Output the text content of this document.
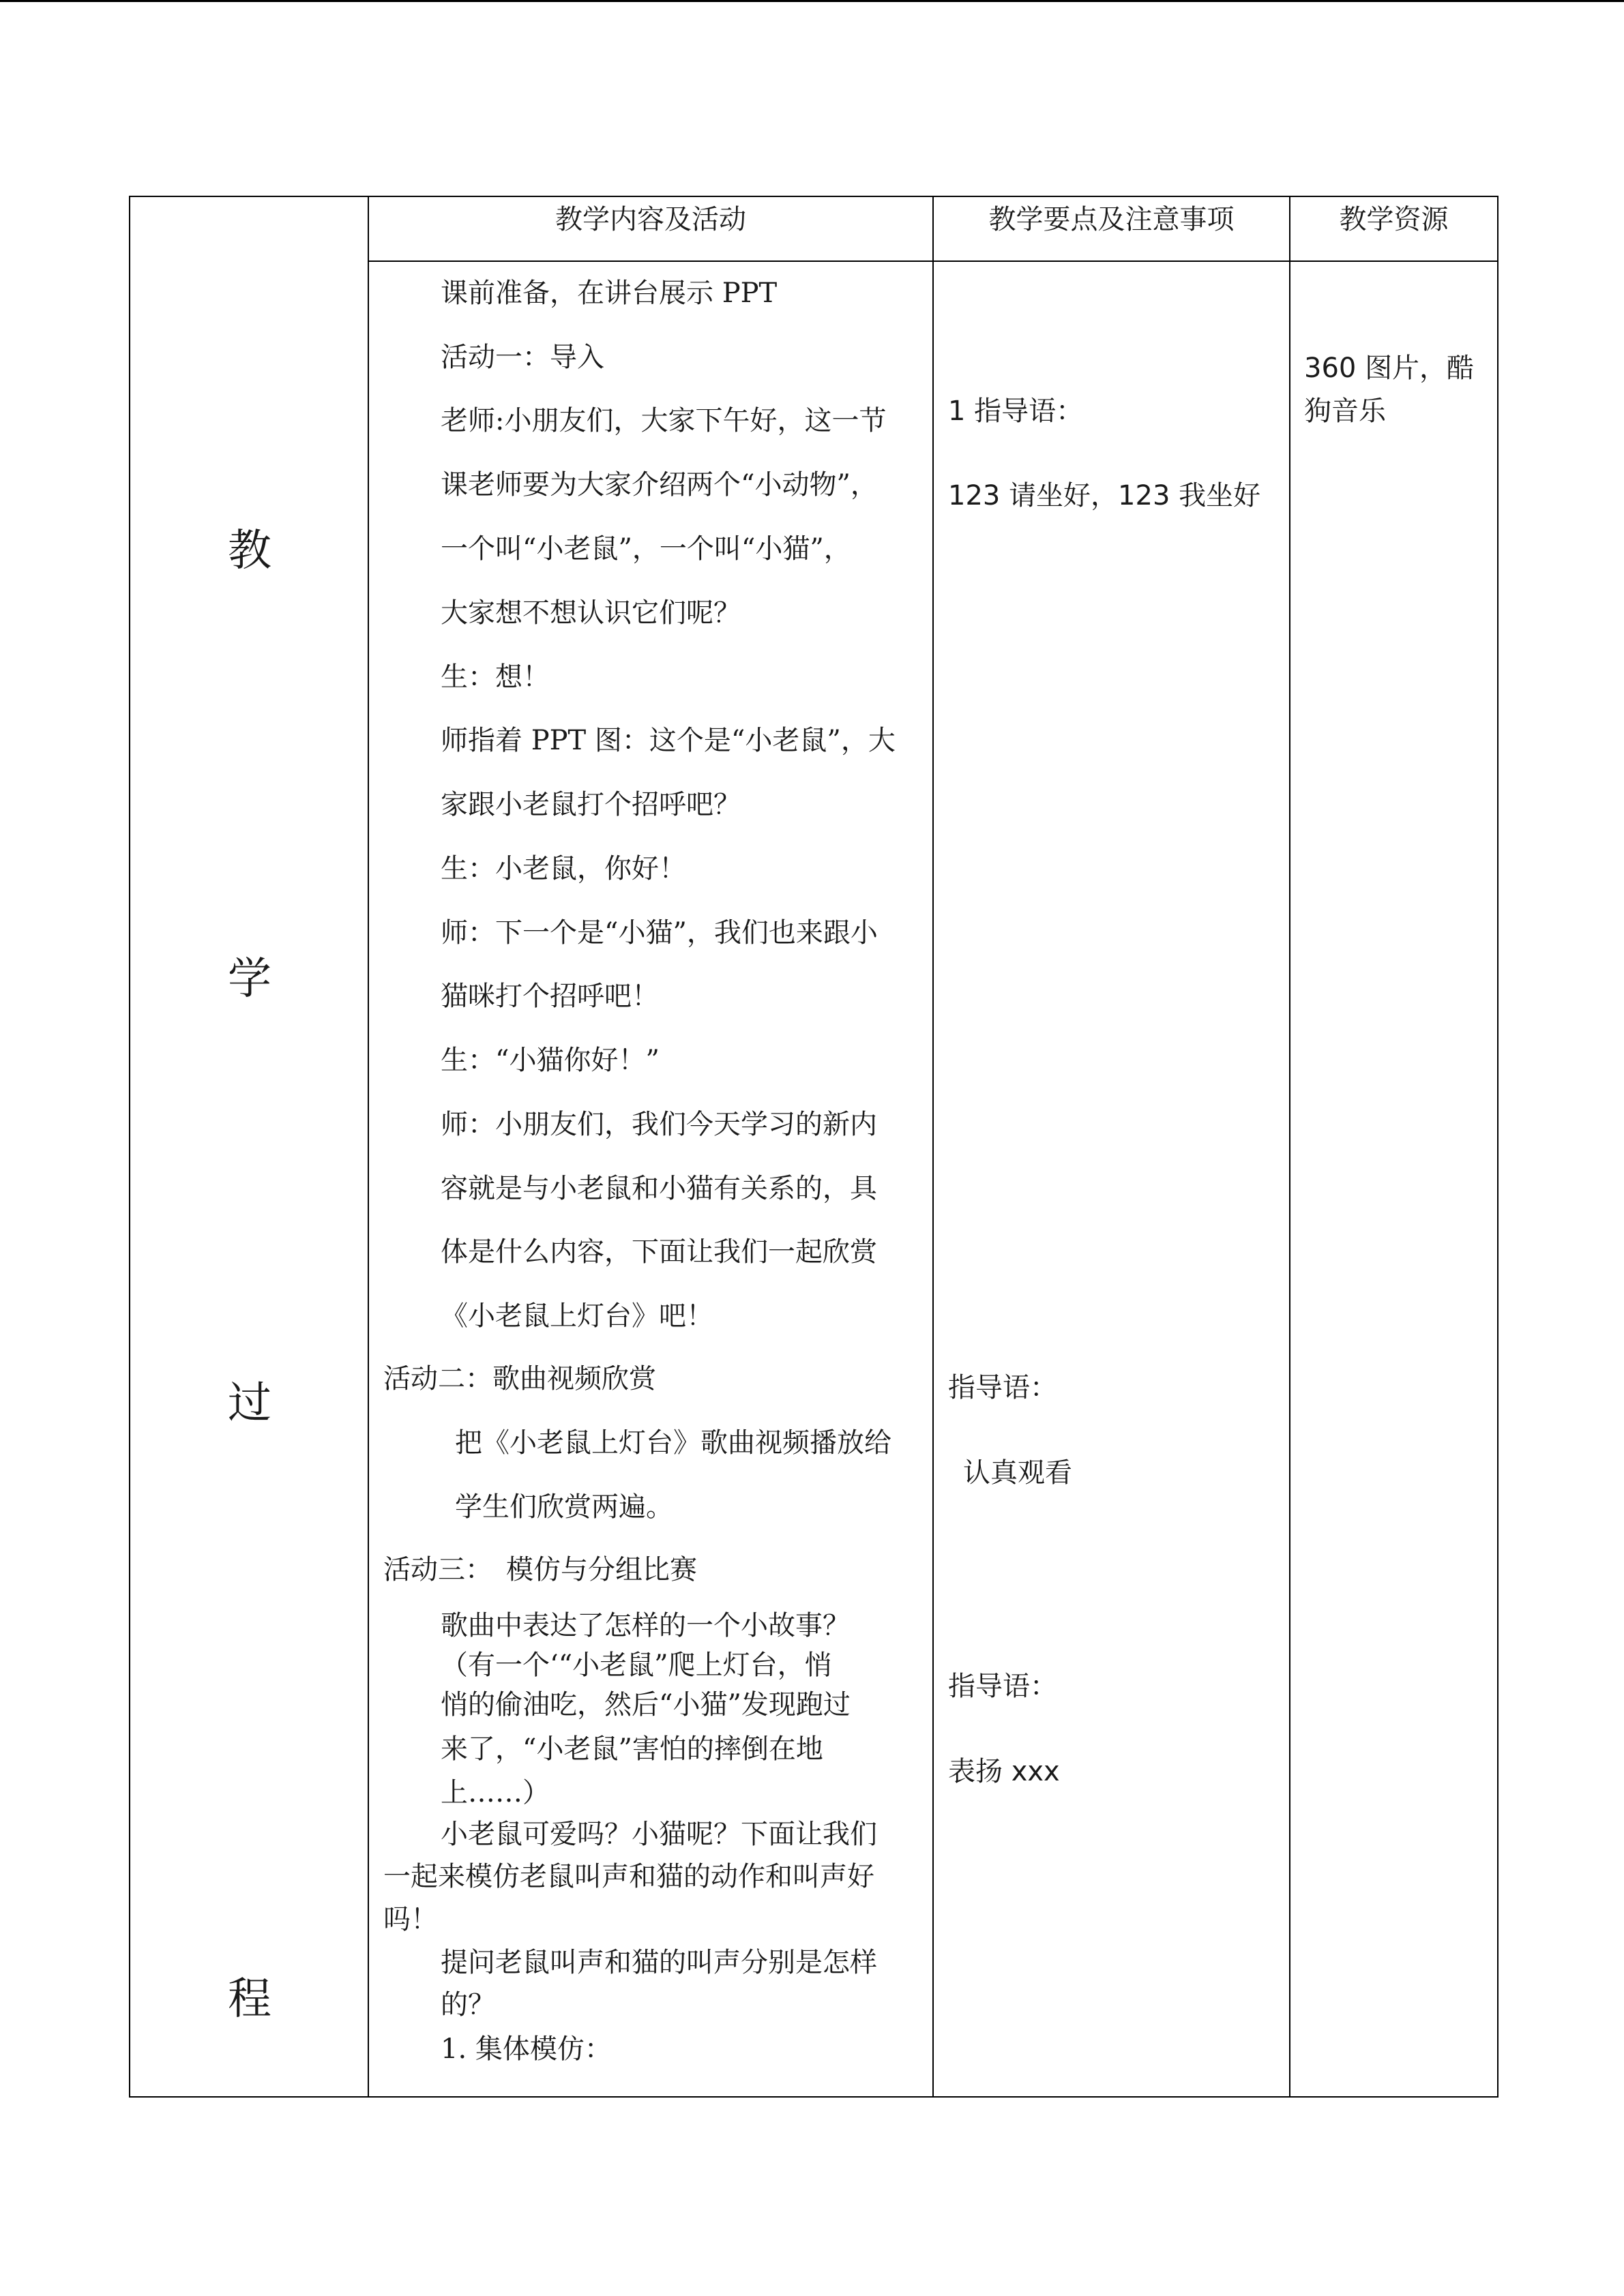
教学内容及活动	教学要点及注意事项	教学资源
教
学
过
程
课前准备，在讲台展示 PPT
活动一：导入
老师:小朋友们，大家下午好，这一节
课老师要为大家介绍两个“小动物”，
一个叫“小老鼠”，一个叫“小猫”，
大家想不想认识它们呢？
生：想！
师指着 PPT 图：这个是“小老鼠”，大
家跟小老鼠打个招呼吧？
生：小老鼠，你好！
师：下一个是“小猫”，我们也来跟小
猫咪打个招呼吧！
生：“小猫你好！”
师：小朋友们，我们今天学习的新内
容就是与小老鼠和小猫有关系的，具
体是什么内容，下面让我们一起欣赏
《小老鼠上灯台》吧！
活动二：歌曲视频欣赏
把《小老鼠上灯台》歌曲视频播放给
学生们欣赏两遍。
活动三：　模仿与分组比赛
歌曲中表达了怎样的一个小故事？
（有一个‘“小老鼠”爬上灯台，悄
悄的偷油吃，然后“小猫”发现跑过
来了，“小老鼠”害怕的摔倒在地
上……）
小老鼠可爱吗？小猫呢？下面让我们
一起来模仿老鼠叫声和猫的动作和叫声好
吗！
提问老鼠叫声和猫的叫声分别是怎样
的？
1. 集体模仿：
1 指导语：
123 请坐好，123 我坐好
指导语：
认真观看
指导语：
表扬 xxx
360 图片，酷
狗音乐
